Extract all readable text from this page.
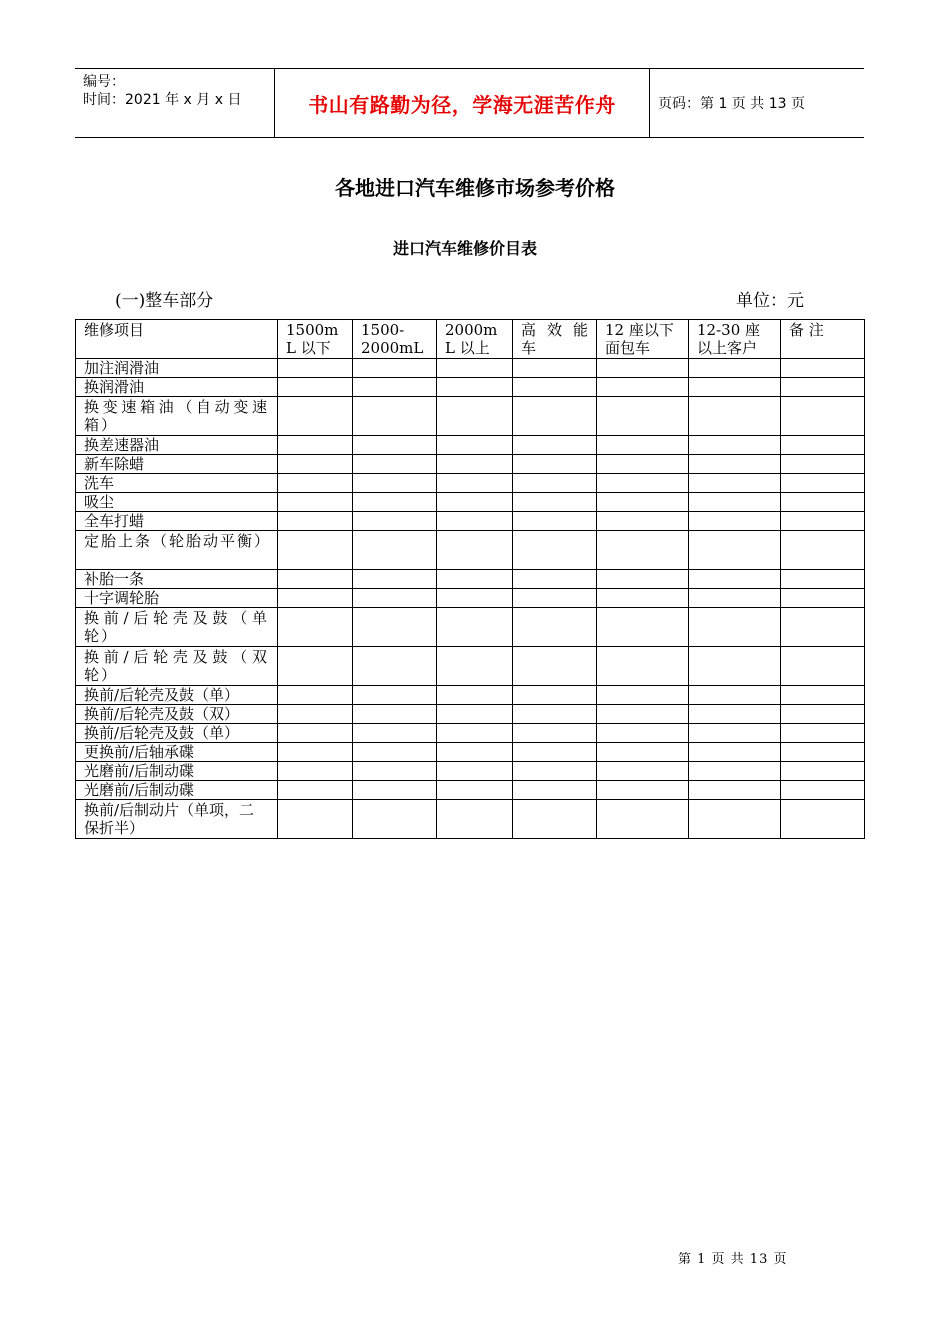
编号：
时间：2021 年 x 月 x 日	书山有路勤为径，学海无涯苦作舟	页码：第 1 页 共 13 页
各地进口汽车维修市场参考价格
进口汽车维修价目表
(一)整车部分	单位：元
维修项目	1500mL 以下	1500-2000mL	2000mL 以上	高 效 能 车	12 座以下面包车	12-30 座以上客户	备 注
加注润滑油							
换润滑油							
换变速箱油（自动变速箱）							
换差速器油							
新车除蜡							
洗车							
吸尘							
全车打蜡							
定胎上条（轮胎动平衡）							
补胎一条							
十字调轮胎							
换前/后轮壳及鼓（单轮）							
换前/后轮壳及鼓（双轮）							
换前/后轮壳及鼓（单）							
换前/后轮壳及鼓（双）							
换前/后轮壳及鼓（单）							
更换前/后轴承碟							
光磨前/后制动碟							
光磨前/后制动碟							
换前/后制动片（单项，二保折半）							
第 1 页 共 13 页
